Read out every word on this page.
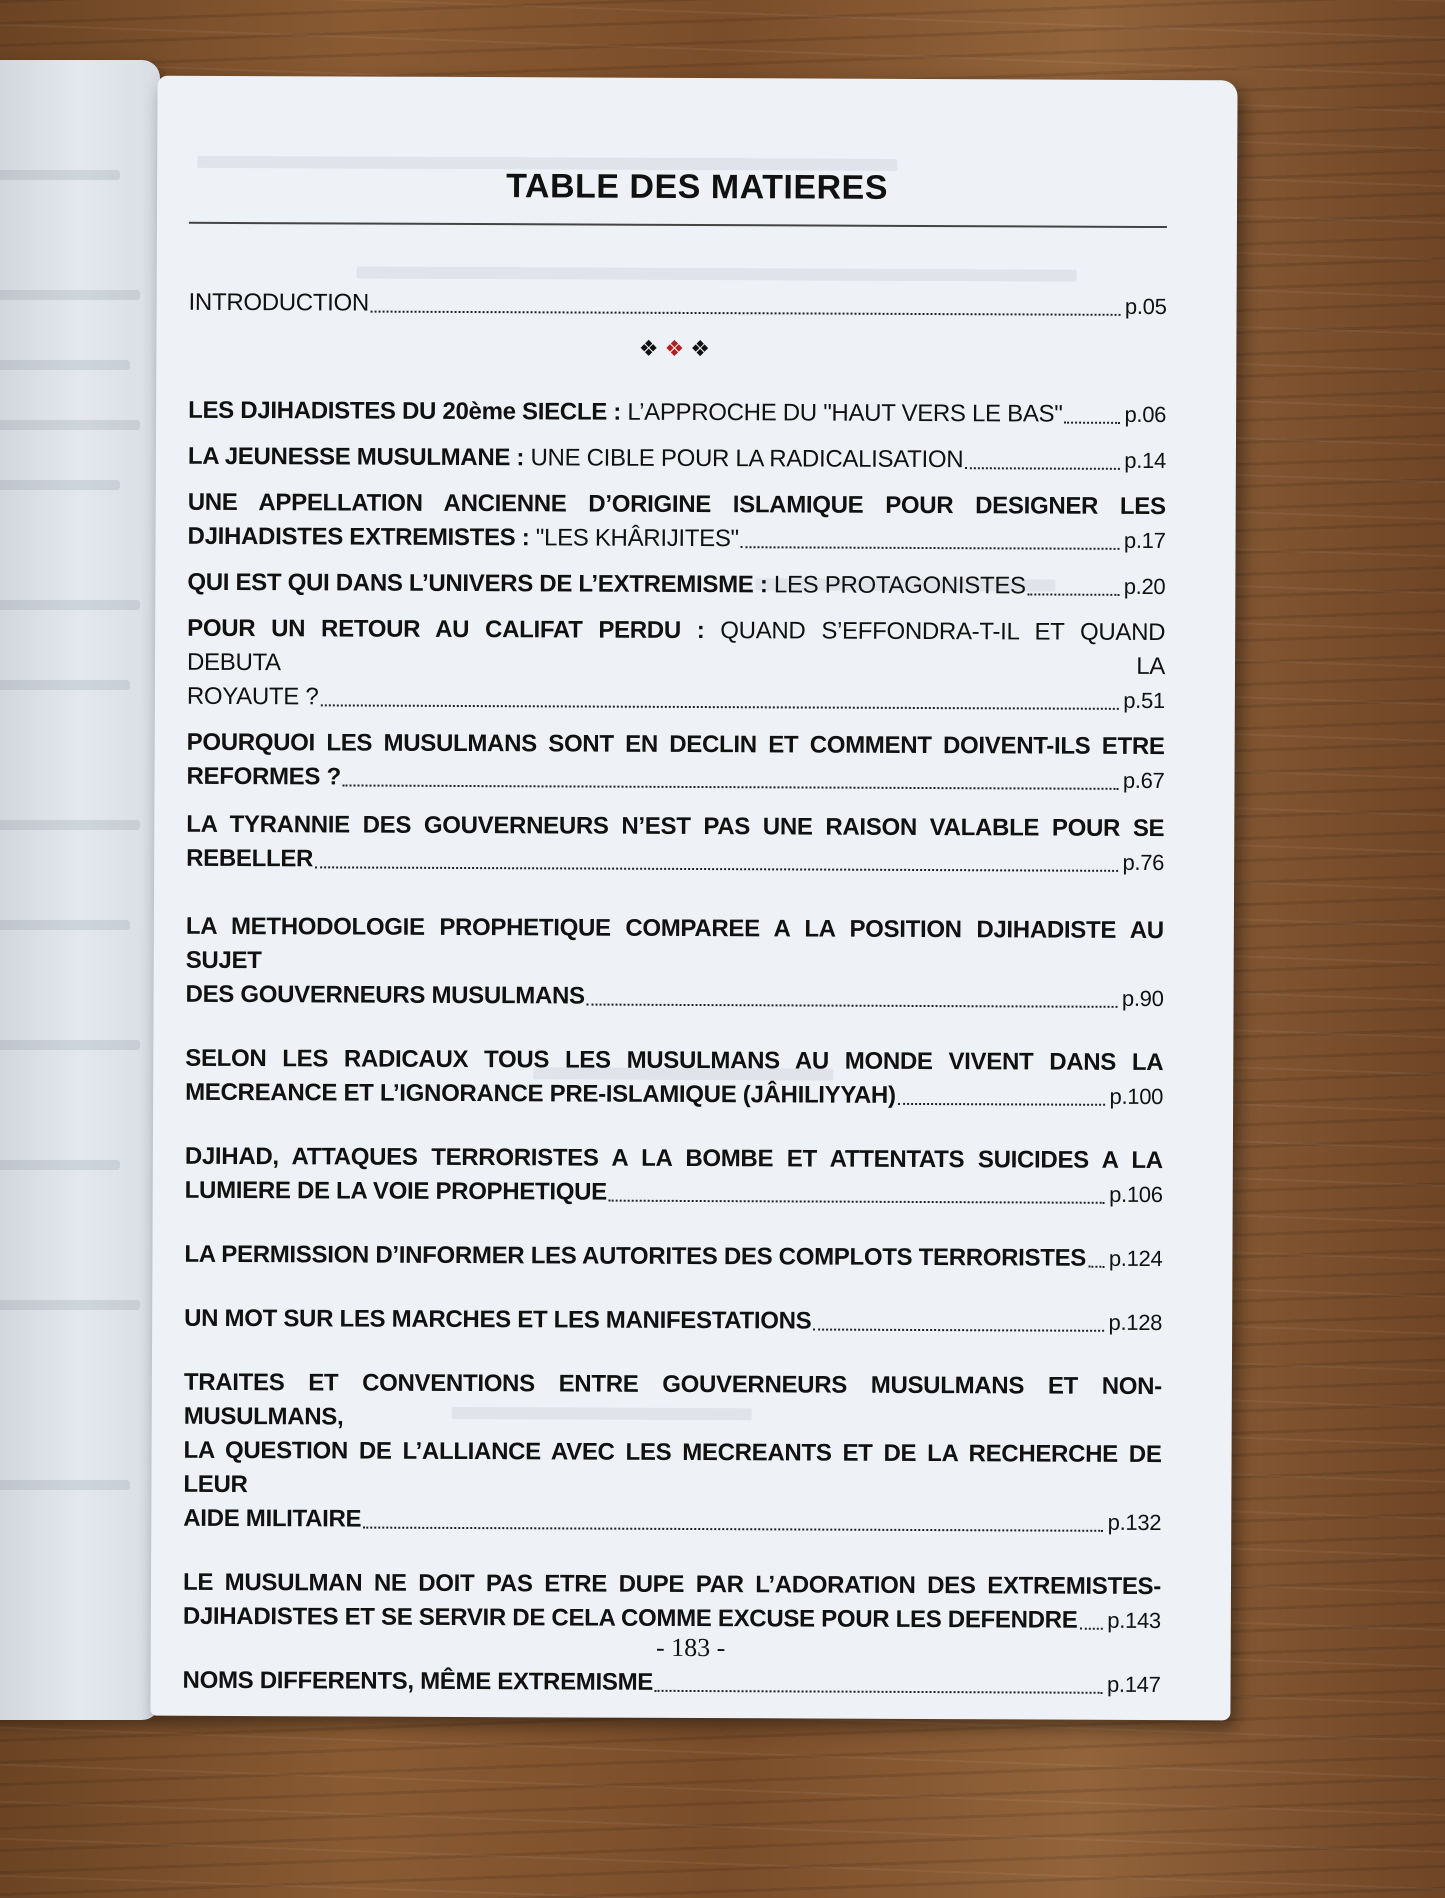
TABLE DES MATIERES
INTRODUCTION	p.05
❖❖❖
LES DJIHADISTES DU 20ème SIECLE : L’APPROCHE DU "HAUT VERS LE BAS"	p.06
LA JEUNESSE MUSULMANE : UNE CIBLE POUR LA RADICALISATION	p.14
UNE APPELLATION ANCIENNE D’ORIGINE ISLAMIQUE POUR DESIGNER LES
DJIHADISTES EXTREMISTES : "LES KHÂRIJITES"	p.17
QUI EST QUI DANS L’UNIVERS DE L’EXTREMISME : LES PROTAGONISTES	p.20
POUR UN RETOUR AU CALIFAT PERDU : QUAND S’EFFONDRA-T-IL ET QUAND DEBUTA LA
ROYAUTE ?	p.51
POURQUOI LES MUSULMANS SONT EN DECLIN ET COMMENT DOIVENT-ILS ETRE
REFORMES ?	p.67
LA TYRANNIE DES GOUVERNEURS N’EST PAS UNE RAISON VALABLE POUR SE
REBELLER	p.76
LA METHODOLOGIE PROPHETIQUE COMPAREE A LA POSITION DJIHADISTE AU SUJET
DES GOUVERNEURS MUSULMANS	p.90
SELON LES RADICAUX TOUS LES MUSULMANS AU MONDE VIVENT DANS LA
MECREANCE ET L’IGNORANCE PRE-ISLAMIQUE (JÂHILIYYAH)	p.100
DJIHAD, ATTAQUES TERRORISTES A LA BOMBE ET ATTENTATS SUICIDES A LA
LUMIERE DE LA VOIE PROPHETIQUE	p.106
LA PERMISSION D’INFORMER LES AUTORITES DES COMPLOTS TERRORISTES p.124
UN MOT SUR LES MARCHES ET LES MANIFESTATIONS	p.128
TRAITES ET CONVENTIONS ENTRE GOUVERNEURS MUSULMANS ET NON-MUSULMANS,
LA QUESTION DE L’ALLIANCE AVEC LES MECREANTS ET DE LA RECHERCHE DE LEUR
AIDE MILITAIRE	p.132
LE MUSULMAN NE DOIT PAS ETRE DUPE PAR L’ADORATION DES EXTREMISTES-
DJIHADISTES ET SE SERVIR DE CELA COMME EXCUSE POUR LES DEFENDRE p.143
NOMS DIFFERENTS, MÊME EXTREMISME	p.147
- 183 -
